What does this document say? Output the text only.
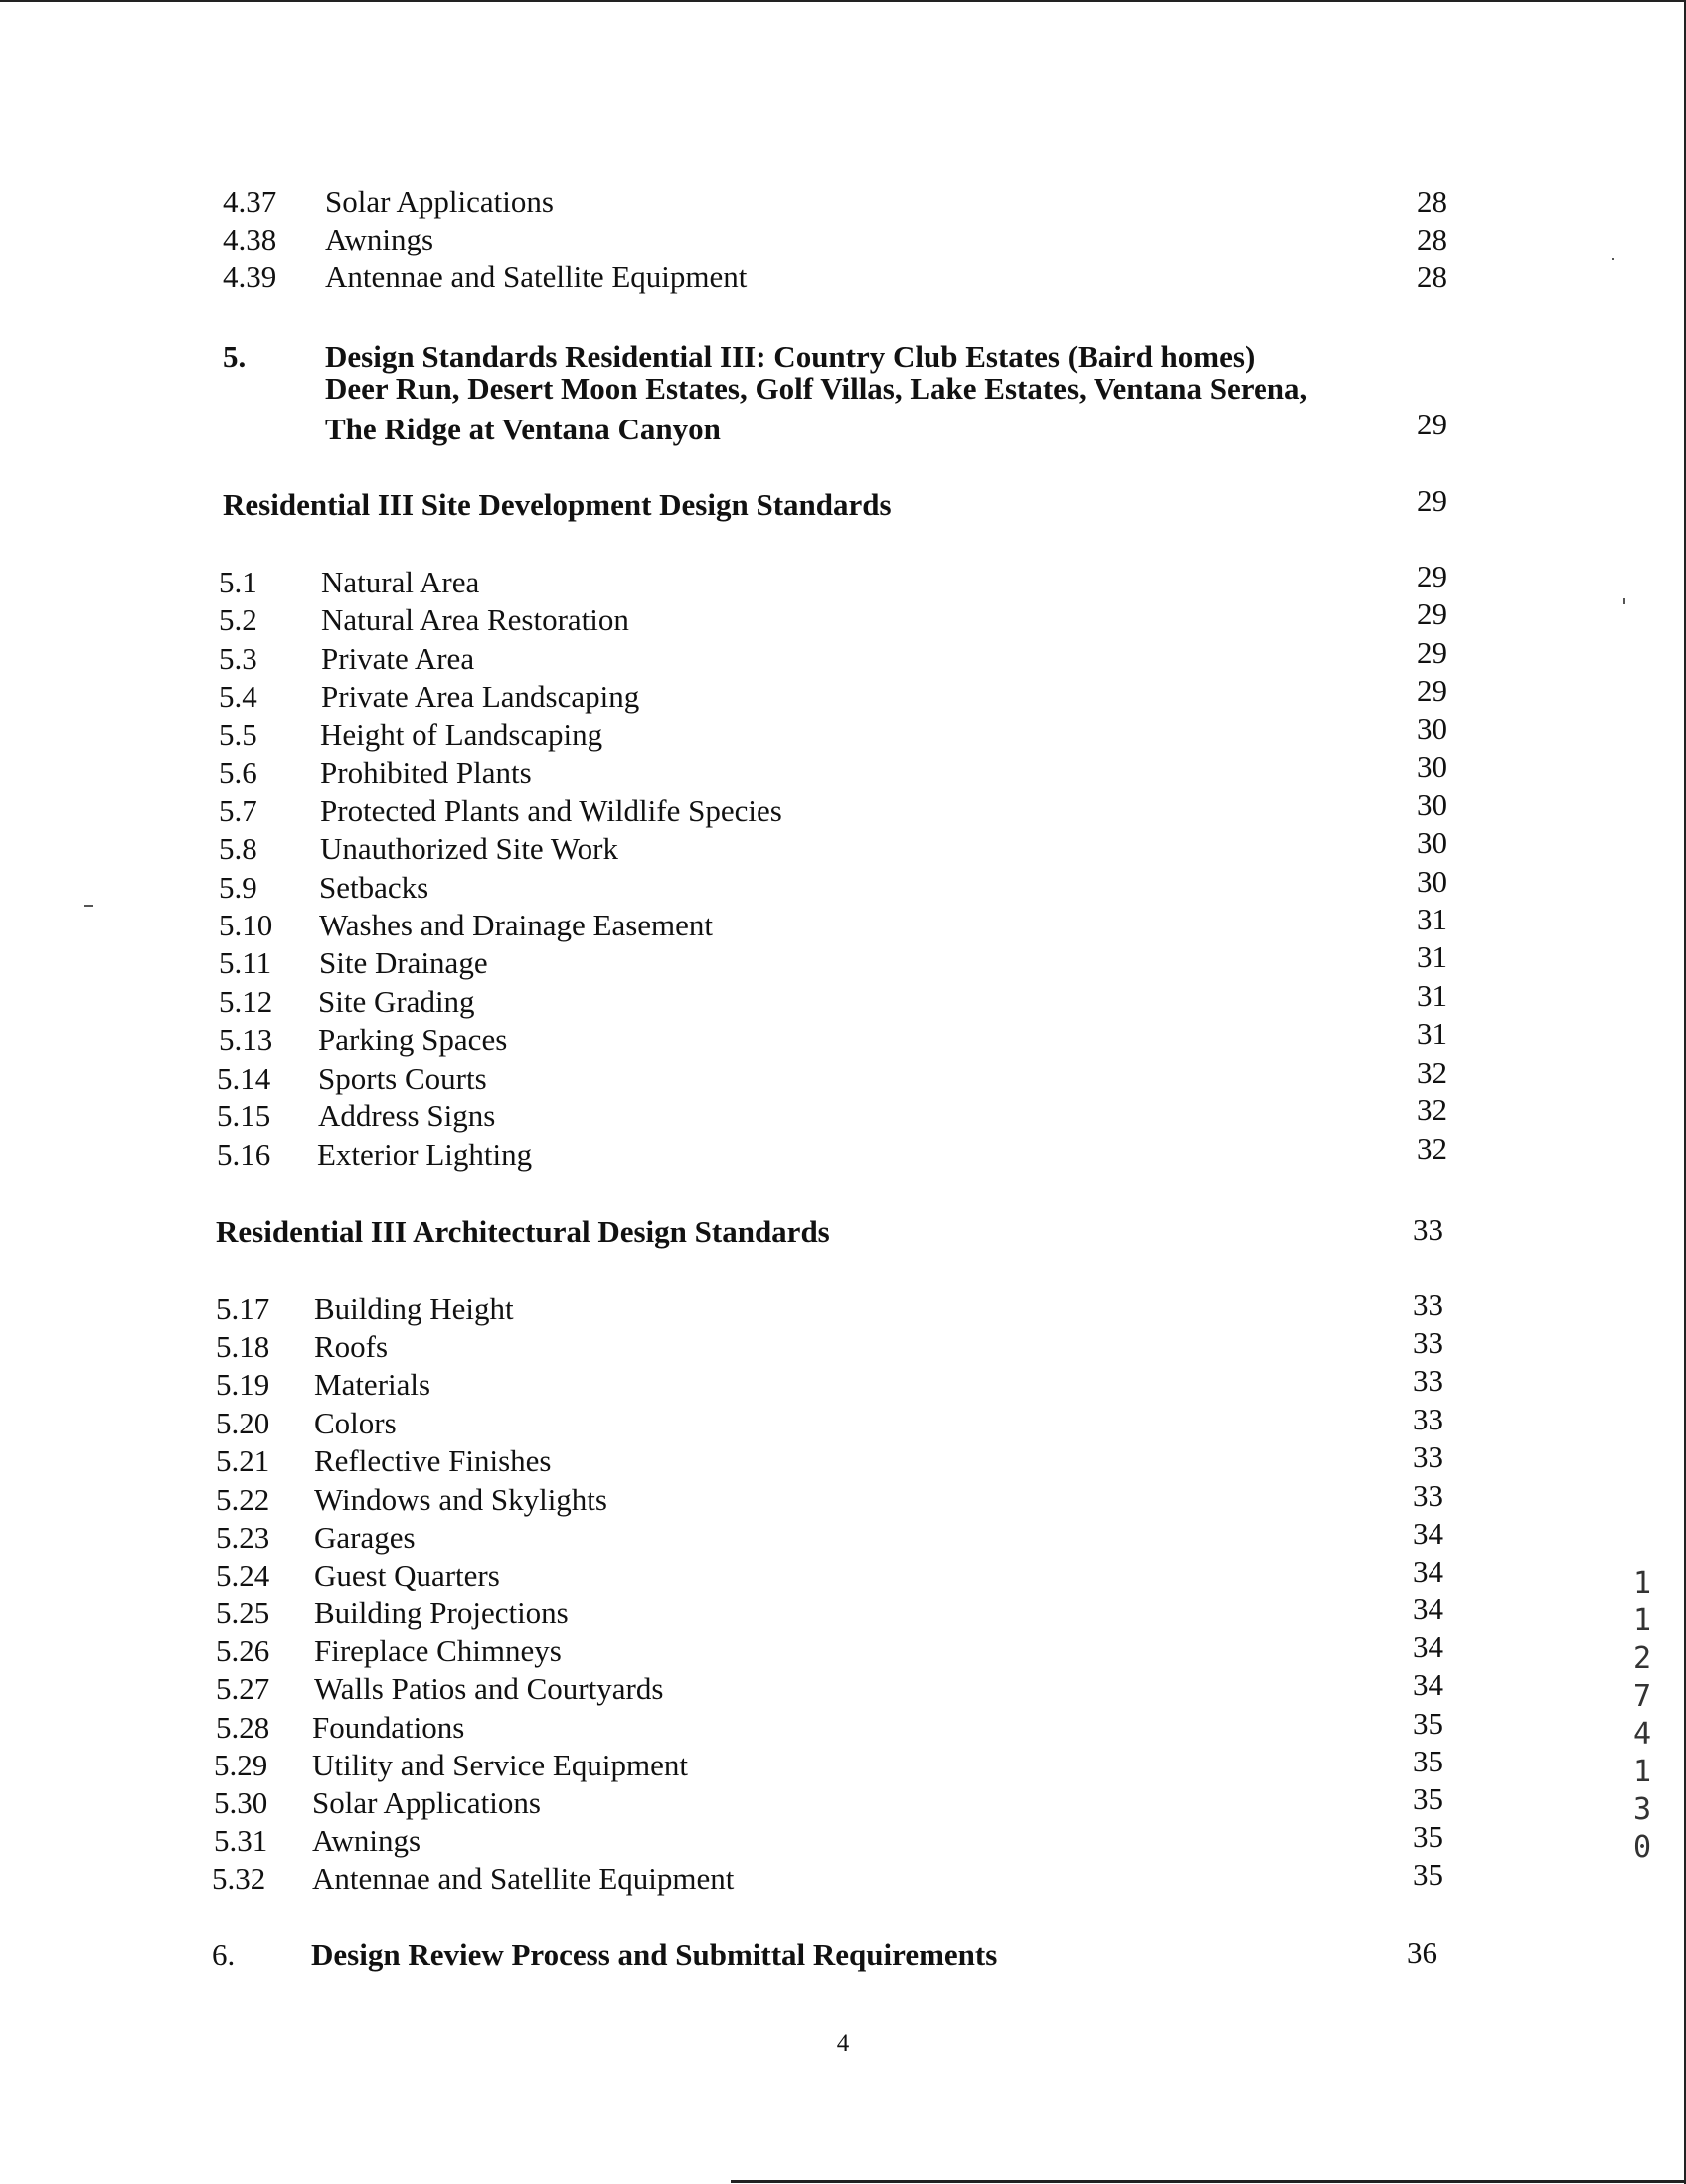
4.37 Solar Applications	28
4.38 Awnings	28
4.39 Antennae and Satellite Equipment	28
5.	Design Standards Residential III: Country Club Estates (Baird homes)
Deer Run, Desert Moon Estates, Golf Villas, Lake Estates, Ventana Serena,
The Ridge at Ventana Canyon	29
Residential III Site Development Design Standards	29
5.1 Natural Area	29
5.2 Natural Area Restoration	29
5.3 Private Area	29
5.4 Private Area Landscaping	29
5.5 Height of Landscaping	30
5.6 Prohibited Plants	30
5.7 Protected Plants and Wildlife Species	30
5.8 Unauthorized Site Work	30
5.9 Setbacks	30
5.10 Washes and Drainage Easement	31
5.11 Site Drainage	31
5.12 Site Grading	31
5.13 Parking Spaces	31
5.14 Sports Courts	32
5.15 Address Signs	32
5.16 Exterior Lighting	32
Residential III Architectural Design Standards	33
5.17 Building Height	33
5.18 Roofs	33
5.19 Materials	33
5.20 Colors	33
5.21 Reflective Finishes	33
5.22 Windows and Skylights	33
5.23 Garages	34
5.24 Guest Quarters	34
5.25 Building Projections	34
5.26 Fireplace Chimneys	34
5.27 Walls Patios and Courtyards	34
5.28 Foundations	35
5.29 Utility and Service Equipment	35
5.30 Solar Applications	35
5.31 Awnings	35
5.32 Antennae and Satellite Equipment	35
6. Design Review Process and Submittal Requirements	36
4
11274130
